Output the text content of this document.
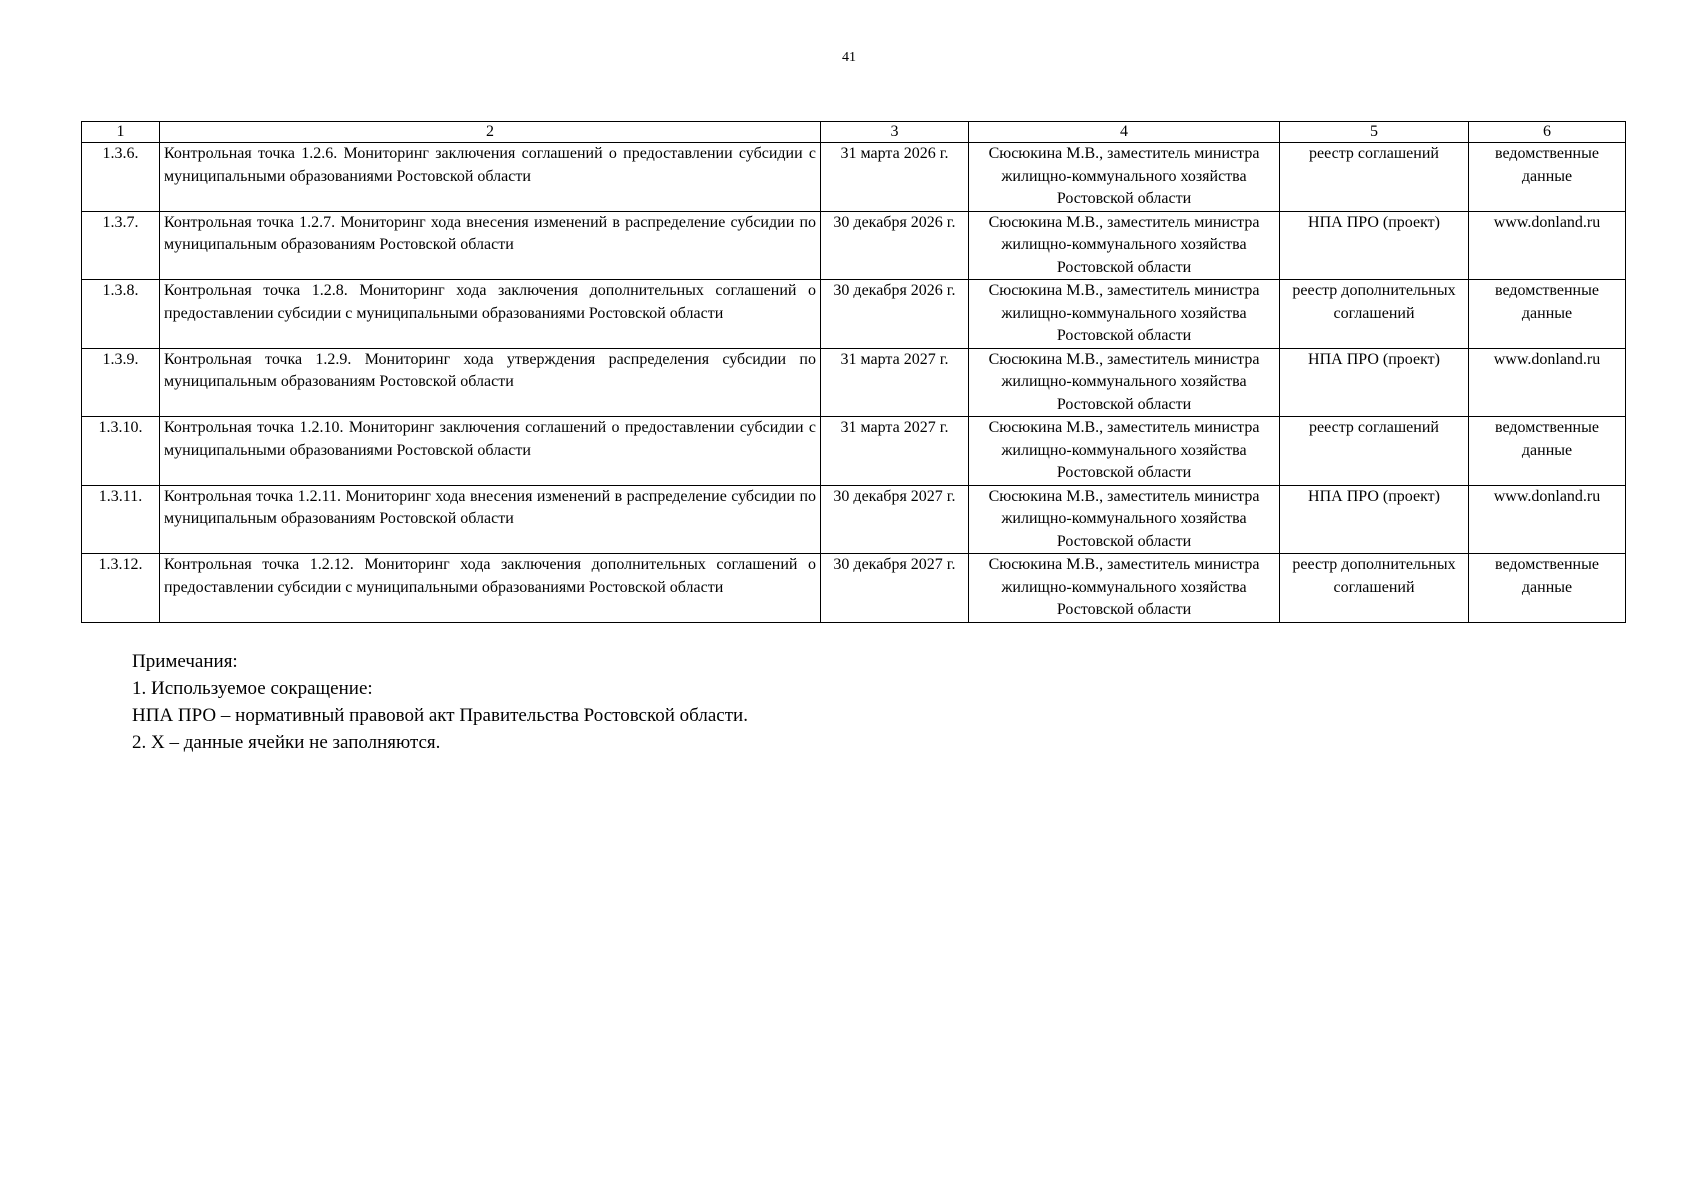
41
1	2	3	4	5	6
1.3.6.	Контрольная точка 1.2.6. Мониторинг заключения соглашений о предоставлении субсидии с муниципальными образованиями Ростовской области	31 марта 2026 г.	Сюсюкина М.В., заместитель министра жилищно-коммунального хозяйства Ростовской области	реестр соглашений	ведомственные данные
1.3.7.	Контрольная точка 1.2.7. Мониторинг хода внесения изменений в распределение субсидии по муниципальным образованиям Ростовской области	30 декабря 2026 г.	Сюсюкина М.В., заместитель министра жилищно-коммунального хозяйства Ростовской области	НПА ПРО (проект)	www.donland.ru
1.3.8.	Контрольная точка 1.2.8. Мониторинг хода заключения дополнительных соглашений о предоставлении субсидии с муниципальными образованиями Ростовской области	30 декабря 2026 г.	Сюсюкина М.В., заместитель министра жилищно-коммунального хозяйства Ростовской области	реестр дополнительных соглашений	ведомственные данные
1.3.9.	Контрольная точка 1.2.9. Мониторинг хода утверждения распределения субсидии по муниципальным образованиям Ростовской области	31 марта 2027 г.	Сюсюкина М.В., заместитель министра жилищно-коммунального хозяйства Ростовской области	НПА ПРО (проект)	www.donland.ru
1.3.10.	Контрольная точка 1.2.10. Мониторинг заключения соглашений о предоставлении субсидии с муниципальными образованиями Ростовской области	31 марта 2027 г.	Сюсюкина М.В., заместитель министра жилищно-коммунального хозяйства Ростовской области	реестр соглашений	ведомственные данные
1.3.11.	Контрольная точка 1.2.11. Мониторинг хода внесения изменений в распределение субсидии по муниципальным образованиям Ростовской области	30 декабря 2027 г.	Сюсюкина М.В., заместитель министра жилищно-коммунального хозяйства Ростовской области	НПА ПРО (проект)	www.donland.ru
1.3.12.	Контрольная точка 1.2.12. Мониторинг хода заключения дополнительных соглашений о предоставлении субсидии с муниципальными образованиями Ростовской области	30 декабря 2027 г.	Сюсюкина М.В., заместитель министра жилищно-коммунального хозяйства Ростовской области	реестр дополнительных соглашений	ведомственные данные

Примечания:

1. Используемое сокращение:

НПА ПРО – нормативный правовой акт Правительства Ростовской области.

2. Х – данные ячейки не заполняются.
